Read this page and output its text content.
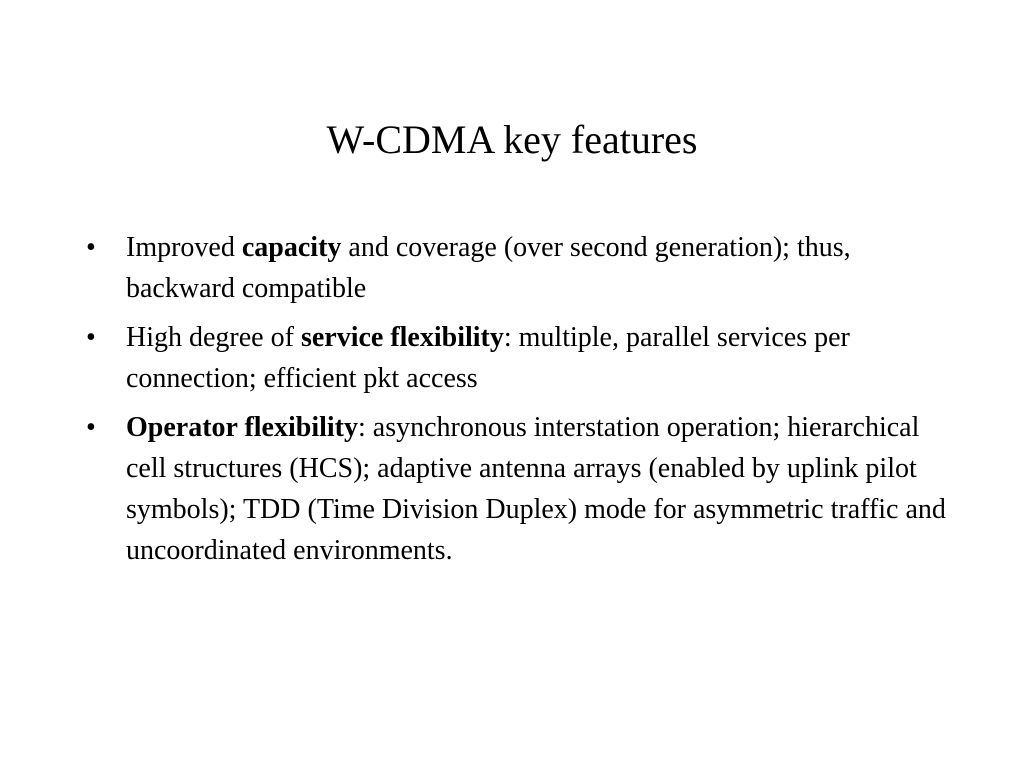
W-CDMA key features
•	Improved capacity and coverage (over second generation); thus, backward compatible
•	High degree of service flexibility: multiple, parallel services per connection; efficient pkt access
•	Operator flexibility: asynchronous interstation operation; hierarchical cell structures (HCS); adaptive antenna arrays (enabled by uplink pilot symbols); TDD (Time Division Duplex) mode for asymmetric traffic and uncoordinated environments.
